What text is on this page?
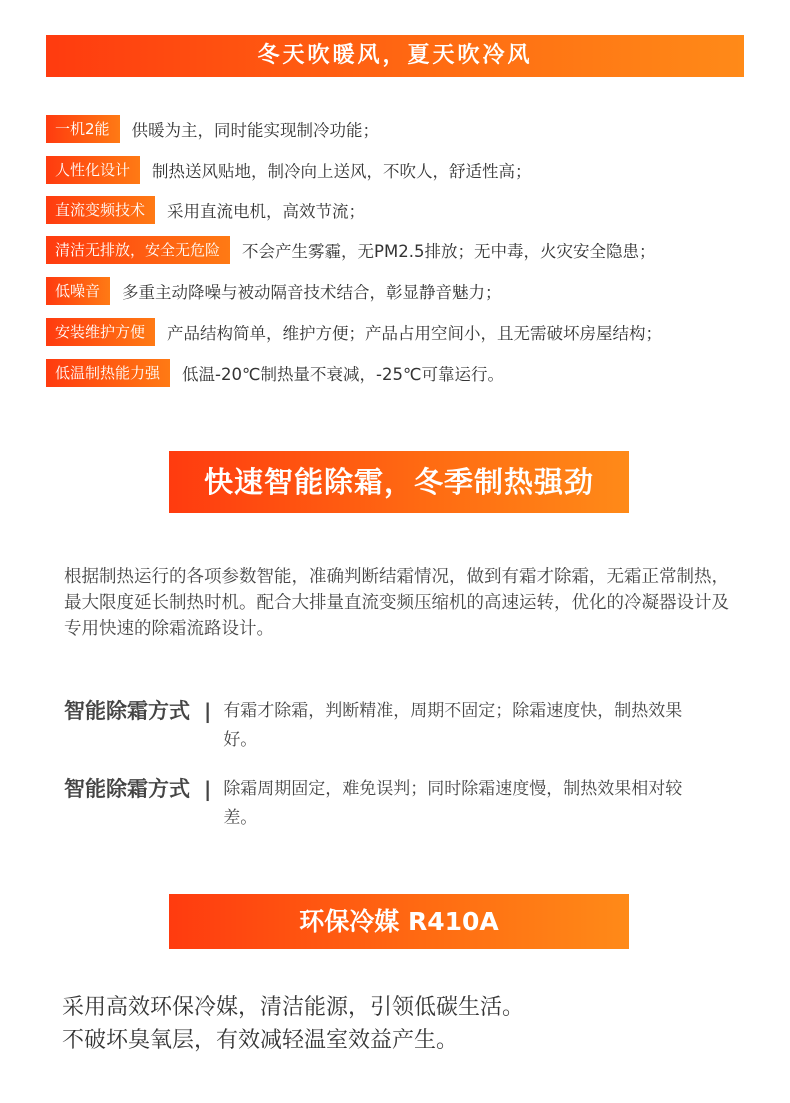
冬天吹暖风，夏天吹冷风
一机2能	供暖为主，同时能实现制冷功能；
人性化设计	制热送风贴地，制冷向上送风，不吹人，舒适性高；
直流变频技术	采用直流电机，高效节流；
清洁无排放，安全无危险	不会产生雾霾，无PM2.5排放；无中毒，火灾安全隐患；
低噪音	多重主动降噪与被动隔音技术结合，彰显静音魅力；
安装维护方便	产品结构简单，维护方便；产品占用空间小，且无需破坏房屋结构；
低温制热能力强	低温-20℃制热量不衰减，-25℃可靠运行。
快速智能除霜，冬季制热强劲
根据制热运行的各项参数智能，准确判断结霜情况，做到有霜才除霜，无霜正常制热，最大限度延长制热时机。配合大排量直流变频压缩机的高速运转，优化的冷凝器设计及专用快速的除霜流路设计。
智能除霜方式 | 有霜才除霜，判断精准，周期不固定；除霜速度快，制热效果好。
智能除霜方式 | 除霜周期固定，难免误判；同时除霜速度慢，制热效果相对较差。
环保冷媒 R410A
采用高效环保冷媒，清洁能源，引领低碳生活。
不破坏臭氧层，有效减轻温室效益产生。
